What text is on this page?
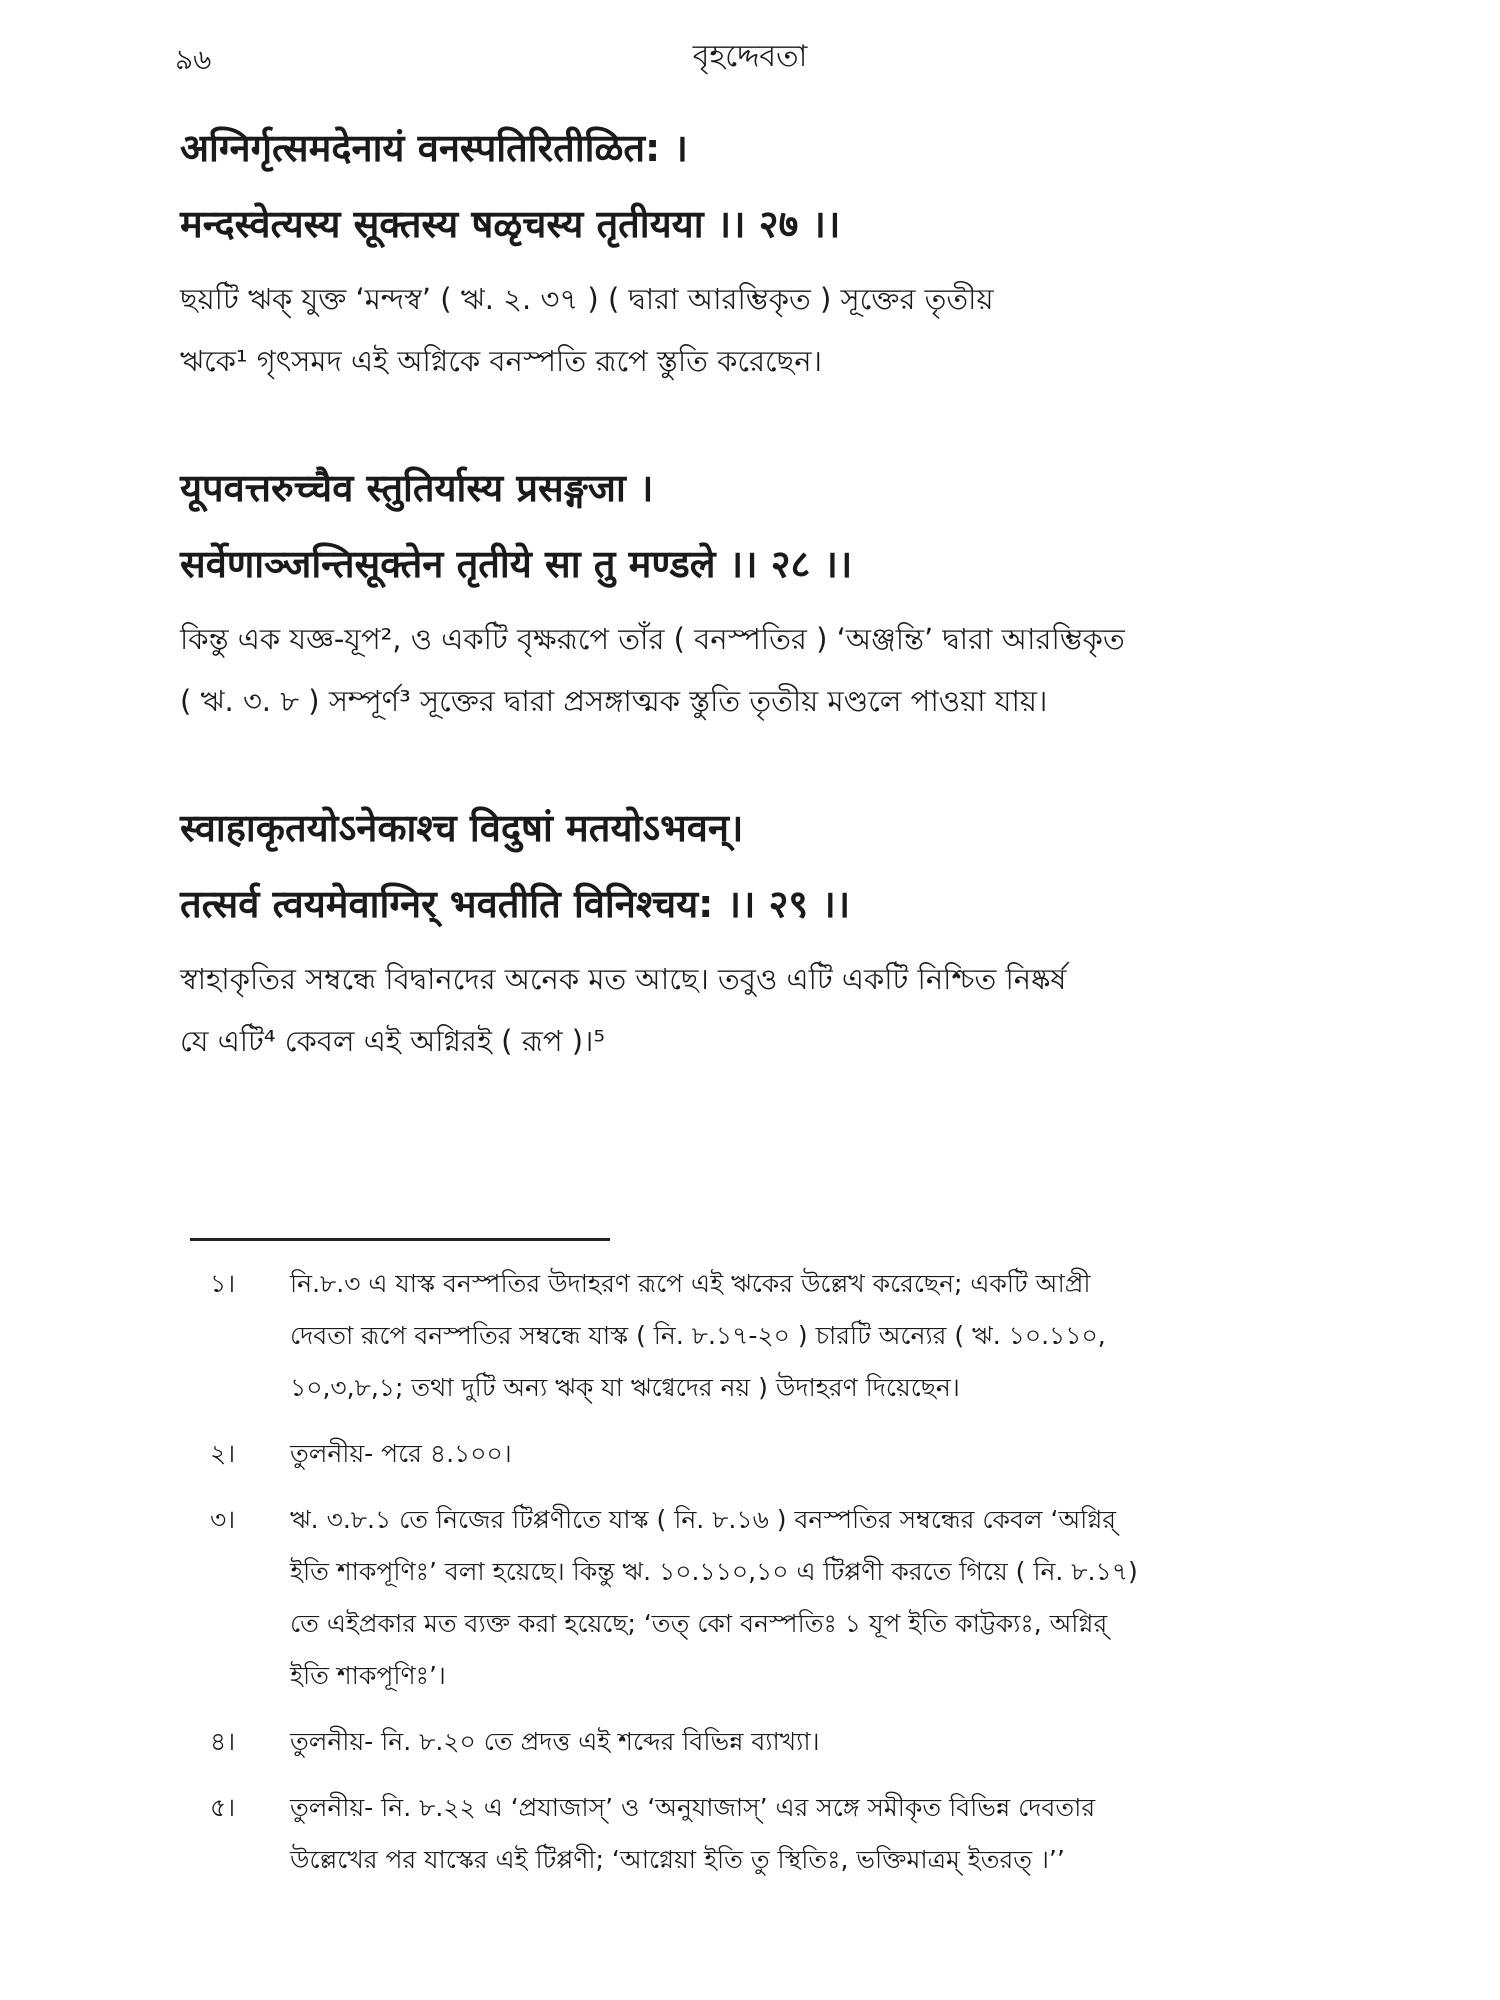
৯৬	বৃহদ্দেবতা
अग्निर्गृत्समदेनायं वनस्पतिरितीळित: ।
मन्दस्वेत्यस्य सूक्तस्य षळृचस्य तृतीयया ।। २७ ।।

ছয়টি ঋক্ যুক্ত ‘মন্দস্ব’ ( ঋ. ২. ৩৭ ) ( দ্বারা আরম্ভিকৃত ) সূক্তের তৃতীয়

ঋকে¹ গৃৎসমদ এই অগ্নিকে বনস্পতি রূপে স্তুতি করেছেন।

यूपवत्तरुच्चैव स्तुतिर्यास्य प्रसङ्गजा ।
सर्वेणाञ्जन्तिसूक्तेन तृतीये सा तु मण्डले ।। २८ ।।

কিন্তু এক যজ্ঞ-যূপ², ও একটি বৃক্ষরূপে তাঁর ( বনস্পতির ) ‘অঞ্জন্তি’ দ্বারা আরম্ভিকৃত

( ঋ. ৩. ৮ ) সম্পূর্ণ³ সূক্তের দ্বারা প্রসঙ্গাত্মক স্তুতি তৃতীয় মণ্ডলে পাওয়া যায়।

स्वाहाकृतयोऽनेकाश्च विदुषां मतयोऽभवन्।
तत्सर्व त्वयमेवाग्निर् भवतीति विनिश्चय: ।। २९ ।।

স্বাহাকৃতির সম্বন্ধে বিদ্বানদের অনেক মত আছে। তবুও এটি একটি নিশ্চিত নিষ্কর্ষ

যে এটি⁴ কেবল এই অগ্নিরই ( রূপ )।⁵

১।	নি.৮.৩ এ যাস্ক বনস্পতির উদাহরণ রূপে এই ঋকের উল্লেখ করেছেন; একটি আপ্রী
দেবতা রূপে বনস্পতির সম্বন্ধে যাস্ক ( নি. ৮.১৭-২০ ) চারটি অন্যের ( ঋ. ১০.১১০,
১০,৩,৮,১; তথা দুটি অন্য ঋক্ যা ঋগ্বেদের নয় ) উদাহরণ দিয়েছেন।
২।	তুলনীয়- পরে ৪.১০০।
৩।	ঋ. ৩.৮.১ তে নিজের টিপ্পণীতে যাস্ক ( নি. ৮.১৬ ) বনস্পতির সম্বন্ধের কেবল ‘অগ্নির্
ইতি শাকপূণিঃ’ বলা হয়েছে। কিন্তু ঋ. ১০.১১০,১০ এ টিপ্পণী করতে গিয়ে ( নি. ৮.১৭)
তে এইপ্রকার মত ব্যক্ত করা হয়েছে; ‘তত্ কো বনস্পতিঃ ১ যূপ ইতি কাট্টক্যঃ, অগ্নির্
ইতি শাকপূণিঃ’।
৪।	তুলনীয়- নি. ৮.২০ তে প্রদত্ত এই শব্দের বিভিন্ন ব্যাখ্যা।
৫।	তুলনীয়- নি. ৮.২২ এ ‘প্রযাজাস্’ ও ‘অনুযাজাস্’ এর সঙ্গে সমীকৃত বিভিন্ন দেবতার
উল্লেখের পর যাস্কের এই টিপ্পণী; ‘আগ্নেয়া ইতি তু স্থিতিঃ, ভক্তিমাত্রম্ ইতরত্ ।’’
